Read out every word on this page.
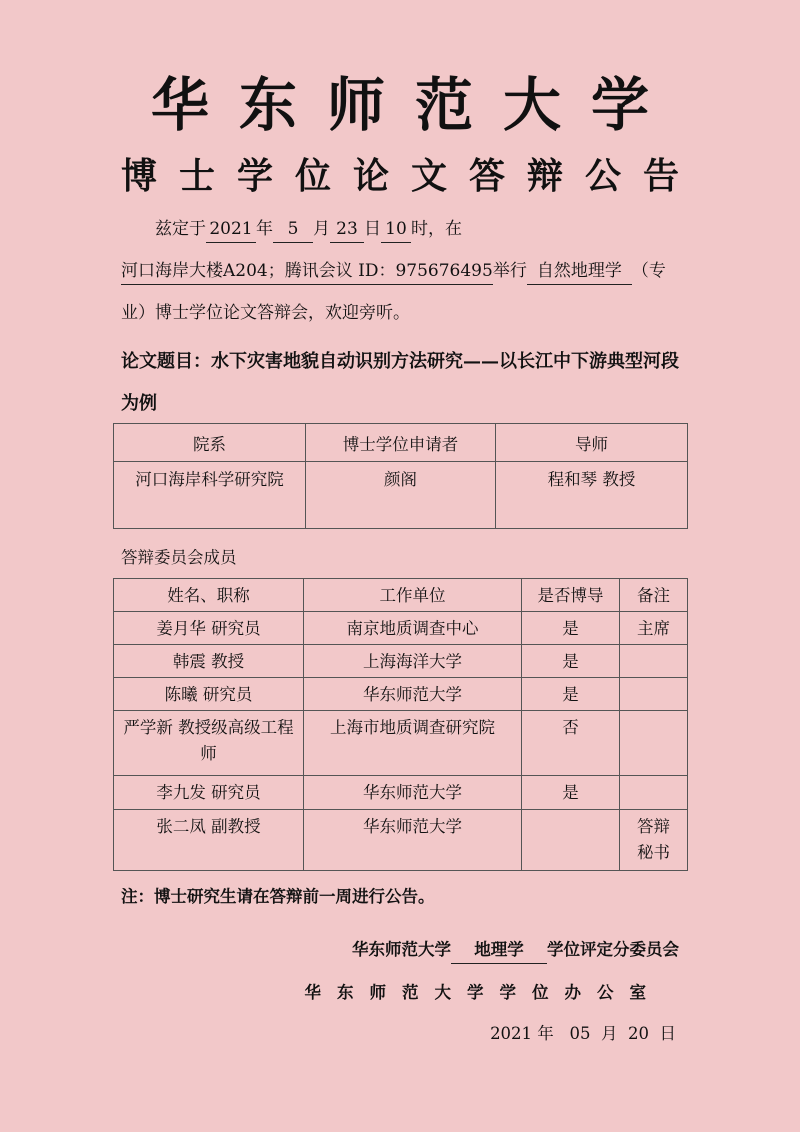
华东师范大学
博士学位论文答辩公告
兹定于 2021 年 5 月 23 日 10 时，在河口海岸大楼A204；腾讯会议 ID：975676495举行 自然地理学 （专业）博士学位论文答辩会，欢迎旁听。
论文题目：水下灾害地貌自动识别方法研究——以长江中下游典型河段为例
院系	博士学位申请者	导师
河口海岸科学研究院	颜阁	程和琴 教授
答辩委员会成员
姓名、职称	工作单位	是否博导	备注
姜月华 研究员	南京地质调查中心	是	主席
韩震 教授	上海海洋大学	是	
陈曦 研究员	华东师范大学	是	
严学新 教授级高级工程师	上海市地质调查研究院	否	
李九发 研究员	华东师范大学	是	
张二凤 副教授	华东师范大学		答辩秘书
注：博士研究生请在答辩前一周进行公告。
华东师范大学 地理学 学位评定分委员会
华东师范大学学位办公室
2021 年   05  月  20  日
